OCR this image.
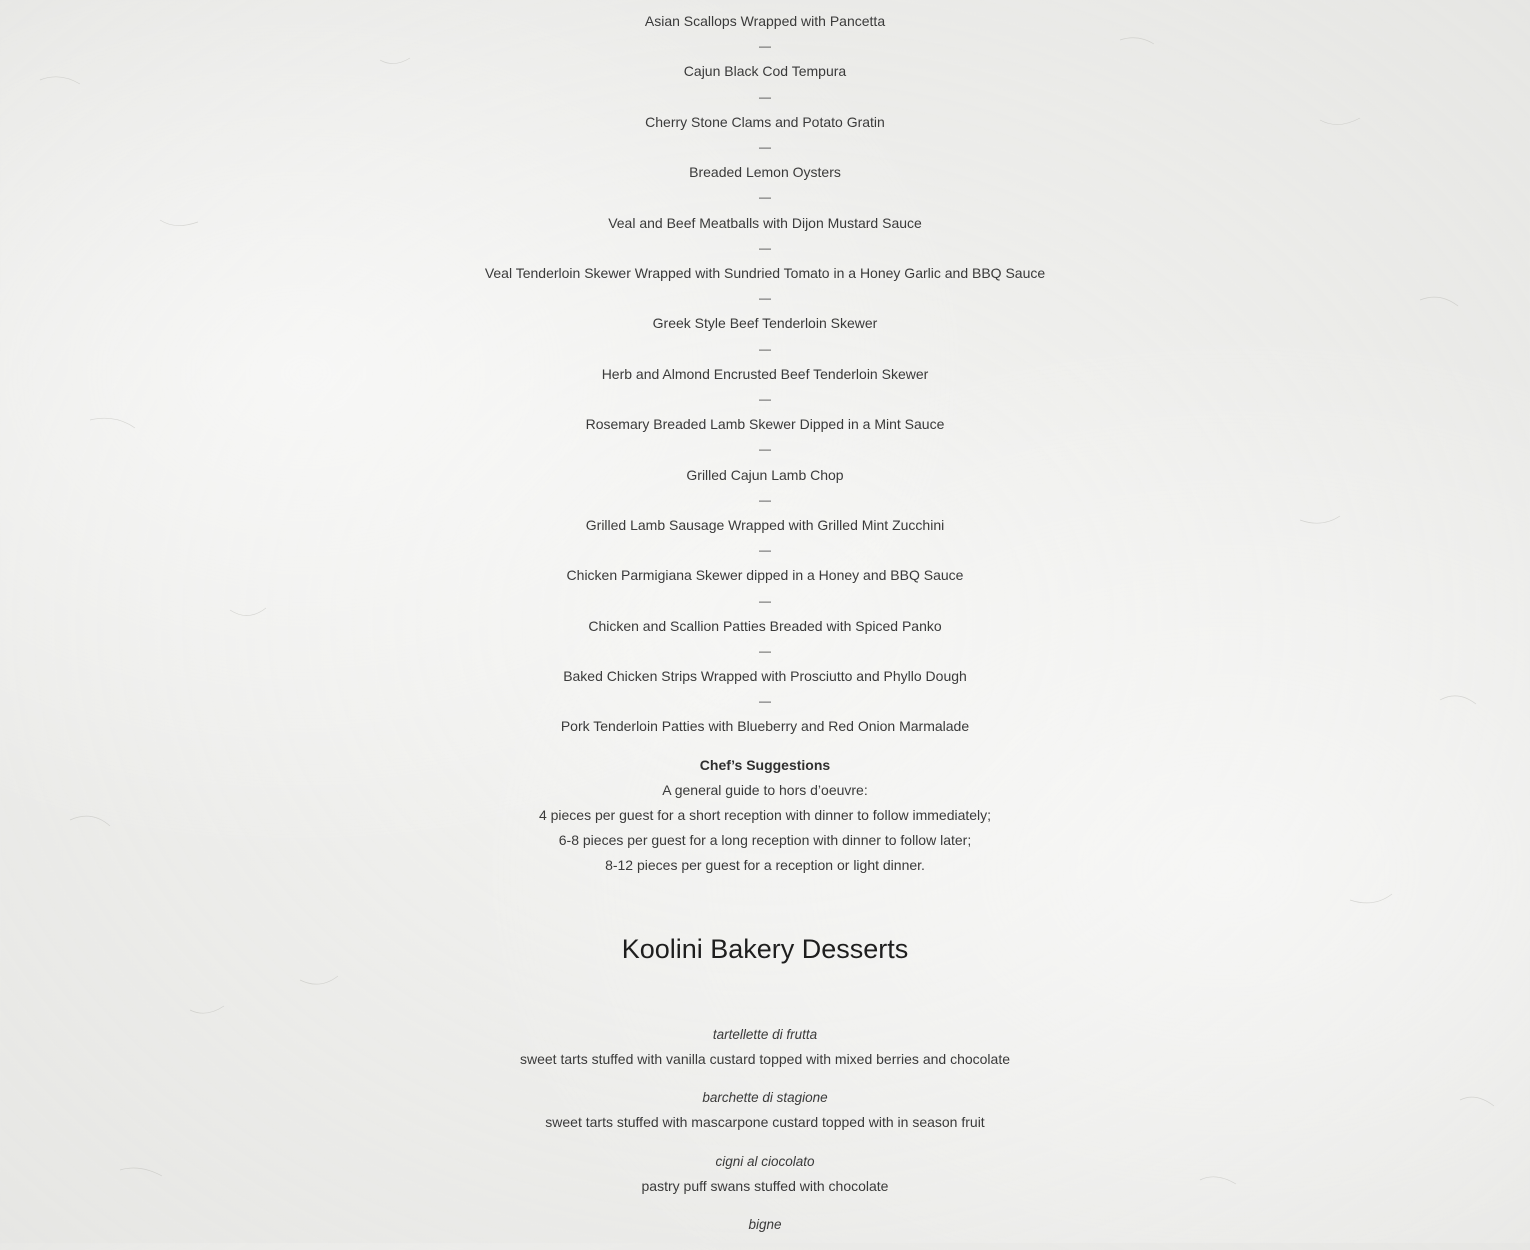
Asian Scallops Wrapped with Pancetta
—
Cajun Black Cod Tempura
—
Cherry Stone Clams and Potato Gratin
—
Breaded Lemon Oysters
—
Veal and Beef Meatballs with Dijon Mustard Sauce
—
Veal Tenderloin Skewer Wrapped with Sundried Tomato in a Honey Garlic and BBQ Sauce
—
Greek Style Beef Tenderloin Skewer
—
Herb and Almond Encrusted Beef Tenderloin Skewer
—
Rosemary Breaded Lamb Skewer Dipped in a Mint Sauce
—
Grilled Cajun Lamb Chop
—
Grilled Lamb Sausage Wrapped with Grilled Mint Zucchini
—
Chicken Parmigiana Skewer dipped in a Honey and BBQ Sauce
—
Chicken and Scallion Patties Breaded with Spiced Panko
—
Baked Chicken Strips Wrapped with Prosciutto and Phyllo Dough
—
Pork Tenderloin Patties with Blueberry and Red Onion Marmalade
Chef’s Suggestions
A general guide to hors d’oeuvre:
4 pieces per guest for a short reception with dinner to follow immediately;
6-8 pieces per guest for a long reception with dinner to follow later;
8-12 pieces per guest for a reception or light dinner.
Koolini Bakery Desserts
tartellette di frutta
sweet tarts stuffed with vanilla custard topped with mixed berries and chocolate
barchette di stagione
sweet tarts stuffed with mascarpone custard topped with in season fruit
cigni al ciocolato
pastry puff swans stuffed with chocolate
bigne
